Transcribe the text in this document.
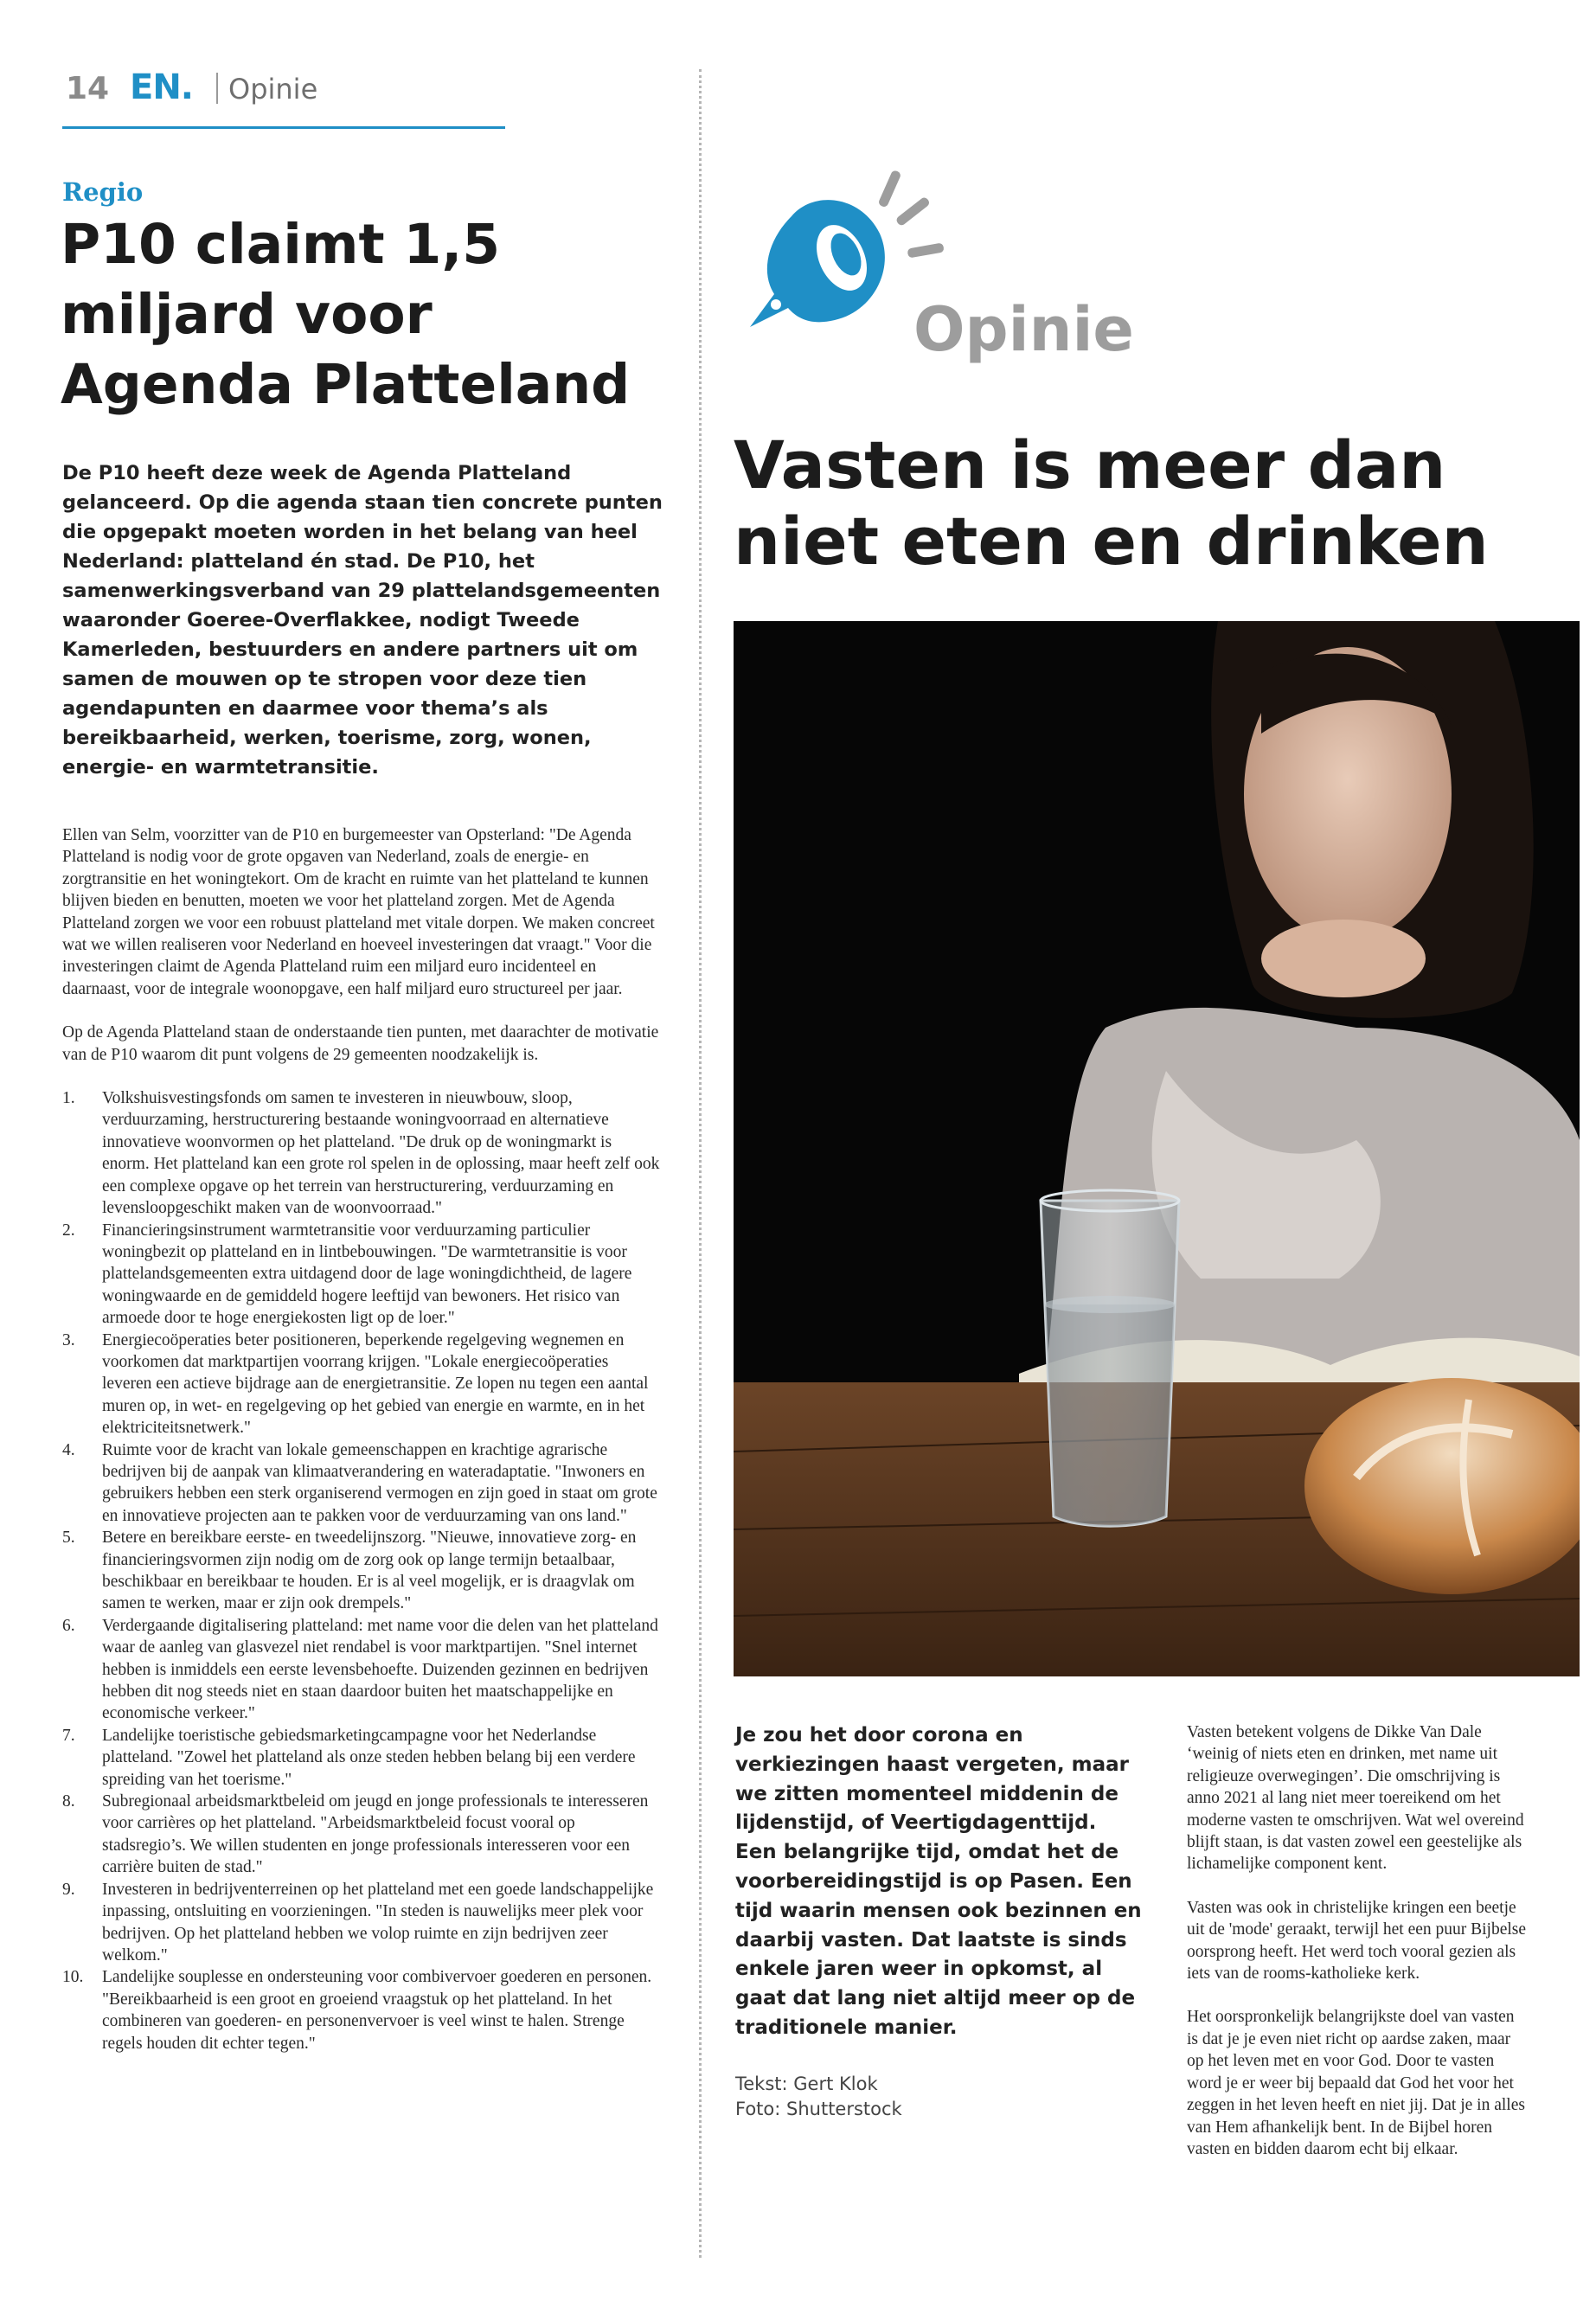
14 EN. Opinie
Regio
P10 claimt 1,5 miljard voor Agenda Platteland
De P10 heeft deze week de Agenda Platteland gelanceerd. Op die agenda staan tien concrete punten die opgepakt moeten worden in het belang van heel Nederland: platteland én stad. De P10, het samenwerkingsverband van 29 plattelandsgemeenten waaronder Goeree-Overflakkee, nodigt Tweede Kamerleden, bestuurders en andere partners uit om samen de mouwen op te stropen voor deze tien agendapunten en daarmee voor thema’s als bereikbaarheid, werken, toerisme, zorg, wonen, energie- en warmtetransitie.

Ellen van Selm, voorzitter van de P10 en burgemeester van Opsterland: "De Agenda Platteland is nodig voor de grote opgaven van Nederland, zoals de energie- en zorgtransitie en het woningtekort. Om de kracht en ruimte van het platteland te kunnen blijven bieden en benutten, moeten we voor het platteland zorgen. Met de Agenda Platteland zorgen we voor een robuust platteland met vitale dorpen. We maken concreet wat we willen realiseren voor Nederland en hoeveel investeringen dat vraagt." Voor die investeringen claimt de Agenda Platteland ruim een miljard euro incidenteel en daarnaast, voor de integrale woonopgave, een half miljard euro structureel per jaar.

Op de Agenda Platteland staan de onderstaande tien punten, met daarachter de motivatie van de P10 waarom dit punt volgens de 29 gemeenten noodzakelijk is.

1. Volkshuisvestingsfonds om samen te investeren in nieuwbouw, sloop, verduurzaming, herstructurering bestaande woningvoorraad en alternatieve innovatieve woonvormen op het platteland. "De druk op de woningmarkt is enorm. Het platteland kan een grote rol spelen in de oplossing, maar heeft zelf ook een complexe opgave op het terrein van herstructurering, verduurzaming en levensloopgeschikt maken van de woonvoorraad."
2. Financieringsinstrument warmtetransitie voor verduurzaming particulier woningbezit op platteland en in lintbebouwingen. "De warmtetransitie is voor plattelandsgemeenten extra uitdagend door de lage woningdichtheid, de lagere woningwaarde en de gemiddeld hogere leeftijd van bewoners. Het risico van armoede door te hoge energiekosten ligt op de loer."
3. Energiecoöperaties beter positioneren, beperkende regelgeving wegnemen en voorkomen dat marktpartijen voorrang krijgen. "Lokale energiecoöperaties leveren een actieve bijdrage aan de energietransitie. Ze lopen nu tegen een aantal muren op, in wet- en regelgeving op het gebied van energie en warmte, en in het elektriciteitsnetwerk."
4. Ruimte voor de kracht van lokale gemeenschappen en krachtige agrarische bedrijven bij de aanpak van klimaatverandering en wateradaptatie. "Inwoners en gebruikers hebben een sterk organiserend vermogen en zijn goed in staat om grote en innovatieve projecten aan te pakken voor de verduurzaming van ons land."
5. Betere en bereikbare eerste- en tweedelijnszorg. "Nieuwe, innovatieve zorg- en financieringsvormen zijn nodig om de zorg ook op lange termijn betaalbaar, beschikbaar en bereikbaar te houden. Er is al veel mogelijk, er is draagvlak om samen te werken, maar er zijn ook drempels."
6. Verdergaande digitalisering platteland: met name voor die delen van het platteland waar de aanleg van glasvezel niet rendabel is voor marktpartijen. "Snel internet hebben is inmiddels een eerste levensbehoefte. Duizenden gezinnen en bedrijven hebben dit nog steeds niet en staan daardoor buiten het maatschappelijke en economische verkeer."
7. Landelijke toeristische gebiedsmarketingcampagne voor het Nederlandse platteland. "Zowel het platteland als onze steden hebben belang bij een verdere spreiding van het toerisme."
8. Subregionaal arbeidsmarktbeleid om jeugd en jonge professionals te interesseren voor carrières op het platteland. "Arbeidsmarktbeleid focust vooral op stadsregio’s. We willen studenten en jonge professionals interesseren voor een carrière buiten de stad."
9. Investeren in bedrijventerreinen op het platteland met een goede landschappelijke inpassing, ontsluiting en voorzieningen. "In steden is nauwelijks meer plek voor bedrijven. Op het platteland hebben we volop ruimte en zijn bedrijven zeer welkom."
10. Landelijke souplesse en ondersteuning voor combivervoer goederen en personen. "Bereikbaarheid is een groot en groeiend vraagstuk op het platteland. In het combineren van goederen- en personenvervoer is veel winst te halen. Strenge regels houden dit echter tegen."
Opinie
Vasten is meer dan niet eten en drinken
Je zou het door corona en verkiezingen haast vergeten, maar we zitten momenteel middenin de lijdenstijd, of Veertigdagenttijd. Een belangrijke tijd, omdat het de voorbereidingstijd is op Pasen. Een tijd waarin mensen ook bezinnen en daarbij vasten. Dat laatste is sinds enkele jaren weer in opkomst, al gaat dat lang niet altijd meer op de traditionele manier.
Tekst: Gert Klok
Foto: Shutterstock

Vasten betekent volgens de Dikke Van Dale ‘weinig of niets eten en drinken, met name uit religieuze overwegingen’. Die omschrijving is anno 2021 al lang niet meer toereikend om het moderne vasten te omschrijven. Wat wel overeind blijft staan, is dat vasten zowel een geestelijke als lichamelijke component kent.

Vasten was ook in christelijke kringen een beetje uit de 'mode' geraakt, terwijl het een puur Bijbelse oorsprong heeft. Het werd toch vooral gezien als iets van de rooms-katholieke kerk.

Het oorspronkelijk belangrijkste doel van vasten is dat je je even niet richt op aardse zaken, maar op het leven met en voor God. Door te vasten word je er weer bij bepaald dat God het voor het zeggen in het leven heeft en niet jij. Dat je in alles van Hem afhankelijk bent. In de Bijbel horen vasten en bidden daarom echt bij elkaar.
